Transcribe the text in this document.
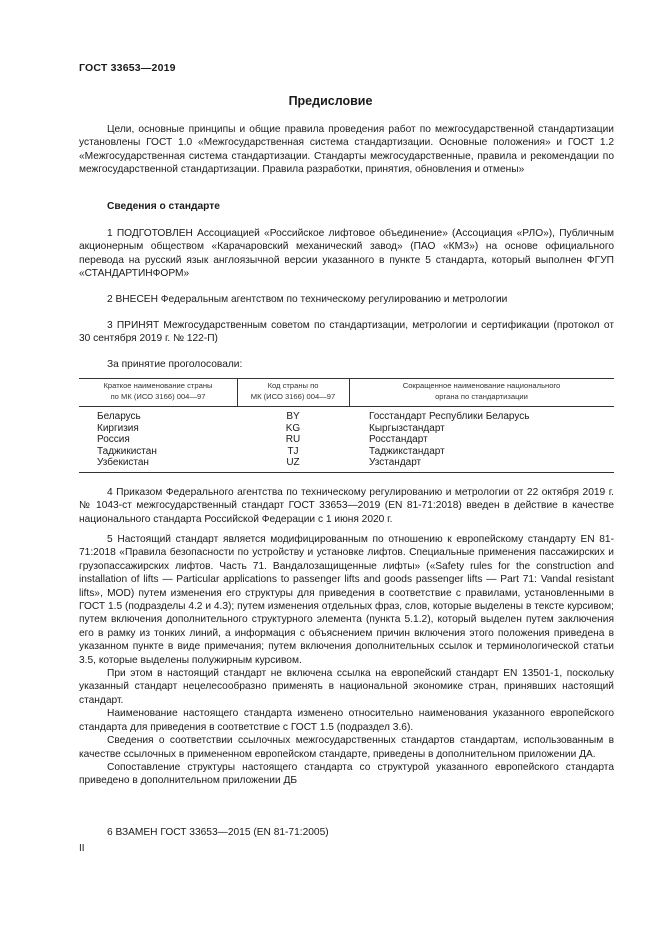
ГОСТ 33653—2019
Предисловие

Цели, основные принципы и общие правила проведения работ по межгосударственной стандартизации установлены ГОСТ 1.0 «Межгосударственная система стандартизации. Основные положения» и ГОСТ 1.2 «Межгосударственная система стандартизации. Стандарты межгосударственные, правила и рекомендации по межгосударственной стандартизации. Правила разработки, принятия, обновления и отмены»

Сведения о стандарте

1 ПОДГОТОВЛЕН Ассоциацией «Российское лифтовое объединение» (Ассоциация «РЛО»), Публичным акционерным обществом «Карачаровский механический завод» (ПАО «КМЗ») на основе официального перевода на русский язык англоязычной версии указанного в пункте 5 стандарта, который выполнен ФГУП «СТАНДАРТИНФОРМ»

2 ВНЕСЕН Федеральным агентством по техническому регулированию и метрологии

3 ПРИНЯТ Межгосударственным советом по стандартизации, метрологии и сертификации (протокол от 30 сентября 2019 г. № 122-П)

За принятие проголосовали:

Краткое наименование страны
по МК (ИСО 3166) 004—97
Код страны по
МК (ИСО 3166) 004—97
Сокращенное наименование национального
органа по стандартизации
Беларусь
Киргизия
Россия
Таджикистан
Узбекистан
BY
KG
RU
TJ
UZ
Госстандарт Республики Беларусь
Кыргызстандарт
Росстандарт
Таджикстандарт
Узстандарт

4 Приказом Федерального агентства по техническому регулированию и метрологии от 22 октября 2019 г. № 1043-ст межгосударственный стандарт ГОСТ 33653—2019 (EN 81-71:2018) введен в действие в качестве национального стандарта Российской Федерации с 1 июня 2020 г.

5 Настоящий стандарт является модифицированным по отношению к европейскому стандарту EN 81-71:2018 «Правила безопасности по устройству и установке лифтов. Специальные применения пассажирских и грузопассажирских лифтов. Часть 71. Вандалозащищенные лифты» («Safety rules for the construction and installation of lifts — Particular applications to passenger lifts and goods passenger lifts — Part 71: Vandal resistant lifts», MOD) путем изменения его структуры для приведения в соответствие с правилами, установленными в ГОСТ 1.5 (подразделы 4.2 и 4.3); путем изменения отдельных фраз, слов, которые выделены в тексте курсивом; путем включения дополнительного структурного элемента (пункта 5.1.2), который выделен путем заключения его в рамку из тонких линий, а информация с объяснением причин включения этого положения приведена в указанном пункте в виде примечания; путем включения дополнительных ссылок и терминологической статьи 3.5, которые выделены полужирным курсивом.

При этом в настоящий стандарт не включена ссылка на европейский стандарт EN 13501-1, поскольку указанный стандарт нецелесообразно применять в национальной экономике стран, принявших настоящий стандарт.

Наименование настоящего стандарта изменено относительно наименования указанного европейского стандарта для приведения в соответствие с ГОСТ 1.5 (подраздел 3.6).

Сведения о соответствии ссылочных межгосударственных стандартов стандартам, использованным в качестве ссылочных в примененном европейском стандарте, приведены в дополнительном приложении ДА.

Сопоставление структуры настоящего стандарта со структурой указанного европейского стандарта приведено в дополнительном приложении ДБ

6 ВЗАМЕН ГОСТ 33653—2015 (EN 81-71:2005)

II
